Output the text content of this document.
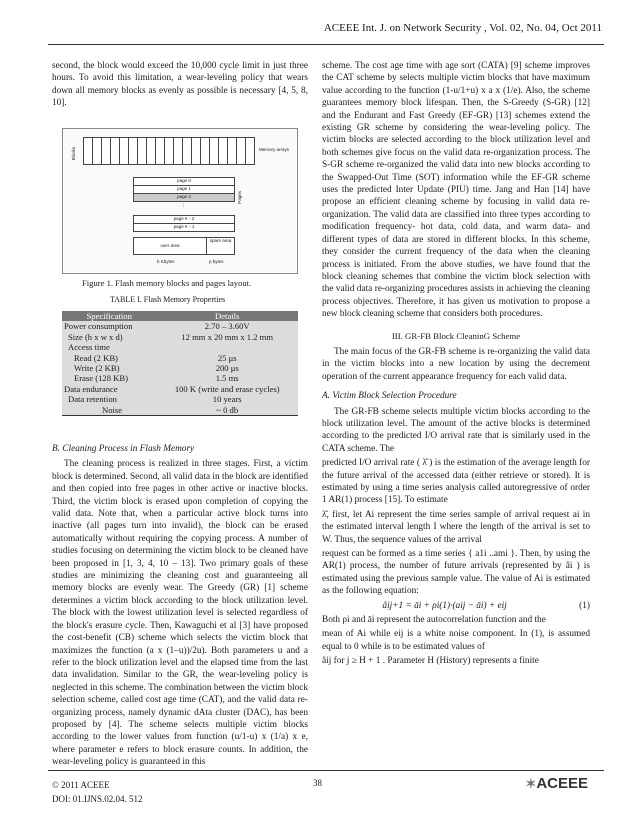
ACEEE Int. J. on Network Security , Vol. 02, No. 04, Oct 2011

second, the block would exceed the 10,000 cycle limit in just three hours. To avoid this limitation, a wear-leveling policy that wears down all memory blocks as evenly as possible is necessary [4, 5, 8, 10].

Blocks	Memory arrays
page 0
page 1
page 2
⋮
page K - 2
page K - 1
Pages
user area
spare area
b Kbytes	p bytes
Figure 1. Flash memory blocks and pages layout.
TABLE I. Flash Memory Properties
Specification	Details
Power consumption	2.70 – 3.60V
Size (h x w x d)	12 mm x 20 mm x 1.2 mm
Access time	
Read (2 KB)	25 μs
Write (2 KB)	200 μs
Erase (128 KB)	1.5 ms
Data endurance	100 K (write and erase cycles)
Data retention	10 years
Noise	~ 0 db

B. Cleaning Process in Flash Memory

The cleaning process is realized in three stages. First, a victim block is determined. Second, all valid data in the block are identified and then copied into free pages in other active or inactive blocks. Third, the victim block is erased upon completion of copying the valid data. Note that, when a particular active block turns into inactive (all pages turn into invalid), the block can be erased automatically without requiring the copying process. A number of studies focusing on determining the victim block to be cleaned have been proposed in [1, 3, 4, 10 – 13]. Two primary goals of these studies are minimizing the cleaning cost and guaranteeing all memory blocks are evenly wear. The Greedy (GR) [1] scheme determines a victim block according to the block utilization level. The block with the lowest utilization level is selected regardless of the block's erasure cycle. Then, Kawaguchi et al [3] have proposed the cost-benefit (CB) scheme which selects the victim block that maximizes the function (a x (1–u))/2u). Both parameters u and a refer to the block utilization level and the elapsed time from the last data invalidation. Similar to the GR, the wear-leveling policy is neglected in this scheme. The combination between the victim block selection scheme, called cost age time (CAT), and the valid data re-organizing process, namely dynamic dAta cluster (DAC), has been proposed by [4]. The scheme selects multiple victim blocks according to the lower values from function (u/1-u) x (1/a) x e, where parameter e refers to block erasure counts. In addition, the wear-leveling policy is guaranteed in this

scheme. The cost age time with age sort (CATA) [9] scheme improves the CAT scheme by selects multiple victim blocks that have maximum value according to the function (1-u/1+u) x a x (1/e). Also, the scheme guarantees memory block lifespan. Then, the S-Greedy (S-GR) [12] and the Endurant and Fast Greedy (EF-GR) [13] schemes extend the existing GR scheme by considering the wear-leveling policy. The victim blocks are selected according to the block utilization level and both schemes give focus on the valid data re-organization process. The S-GR scheme re-organized the valid data into new blocks according to the Swapped-Out Time (SOT) information while the EF-GR scheme uses the predicted Inter Update (PIU) time. Jang and Han [14] have propose an efficient cleaning scheme by focusing in valid data re-organization. The valid data are classified into three types according to modification frequency- hot data, cold data, and warm data- and different types of data are stored in different blocks. In this scheme, they consider the current frequency of the data when the cleaning process is initiated. From the above studies, we have found that the block cleaning schemes that combine the victim block selection with the valid data re-organizing procedures assists in achieving the cleaning process objectives. Therefore, it has given us motivation to propose a new block cleaning scheme that considers both procedures.

III. GR-FB Block CleaninG Scheme

The main focus of the GR-FB scheme is re-organizing the valid data in the victim blocks into a new location by using the decrement operation of the current appearance frequency for each valid data.

A. Victim Block Selection Procedure

The GR-FB scheme selects multiple victim blocks according to the block utilization level. The amount of the active blocks is determined according to the predicted I/O arrival rate that is similarly used in the CATA scheme. The

predicted I/O arrival rate ( λ̂ ) is the estimation of the average length for the future arrival of the accessed data (either retrieve or stored). It is estimated by using a time series analysis called autoregressive of order 1 AR(1) process [15]. To estimate

λ̂, first, let Ai represent the time series sample of arrival request ai in the estimated interval length I where the length of the arrival is set to W. Thus, the sequence values of the arrival

request can be formed as a time series { a1i ..ami }. Then, by using the AR(1) process, the number of future arrivals (represented by âi ) is estimated using the previous sample value. The value of Ai is estimated as the following equation:

âij+1 = āi + ρi(1)·(aij − āi) + eij	(1)

Both ρi and āi represent the autocorrelation function and the

mean of Ai while eij is a white noise component. In (1), is assumed equal to 0 while is to be estimated values of

âij for j ≥ H + 1 . Parameter H (History) represents a finite

© 2011 ACEEE
DOI: 01.IJNS.02.04. 512
38	✶ACEEE
